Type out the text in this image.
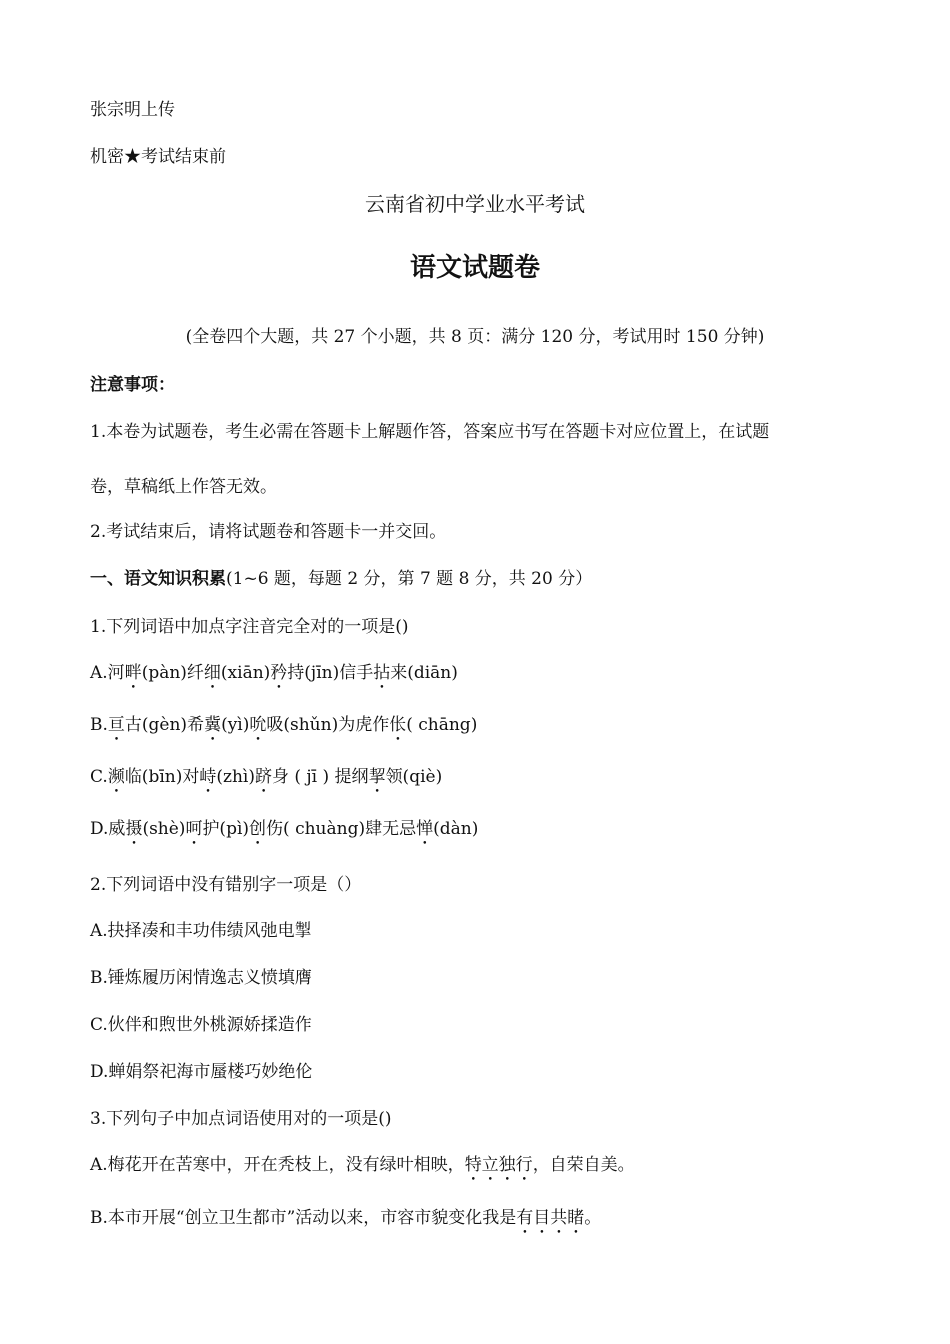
张宗明上传
机密★考试结束前
云南省初中学业水平考试
语文试题卷
(全卷四个大题，共 27 个小题，共 8 页：满分 120 分，考试用时 150 分钟)
注意事项：
1.本卷为试题卷，考生必需在答题卡上解题作答，答案应书写在答题卡对应位置上，在试题
卷，草稿纸上作答无效。
2.考试结束后，请将试题卷和答题卡一并交回。
一、语文知识积累(1~6 题，每题 2 分，第 7 题 8 分，共 20 分）
1.下列词语中加点字注音完全对的一项是()
A.河畔(pàn)纤细(xiān)矜持(jīn)信手拈来(diān)
B.亘古(gèn)希冀(yì)吮吸(shǔn)为虎作伥( chāng)
C.濒临(bīn)对峙(zhì)跻身 ( jī ) 提纲挈领(qiè)
D.威摄(shè)呵护(pì)创伤( chuàng)肆无忌惮(dàn)
2.下列词语中没有错别字一项是（）
A.抉择凑和丰功伟绩风弛电掣
B.锤炼履历闲情逸志义愤填膺
C.伙伴和煦世外桃源娇揉造作
D.蝉娟祭祀海市蜃楼巧妙绝伦
3.下列句子中加点词语使用对的一项是()
A.梅花开在苦寒中，开在秃枝上，没有绿叶相映，特立独行，自荣自美。
B.本市开展“创立卫生都市”活动以来，市容市貌变化我是有目共睹。
